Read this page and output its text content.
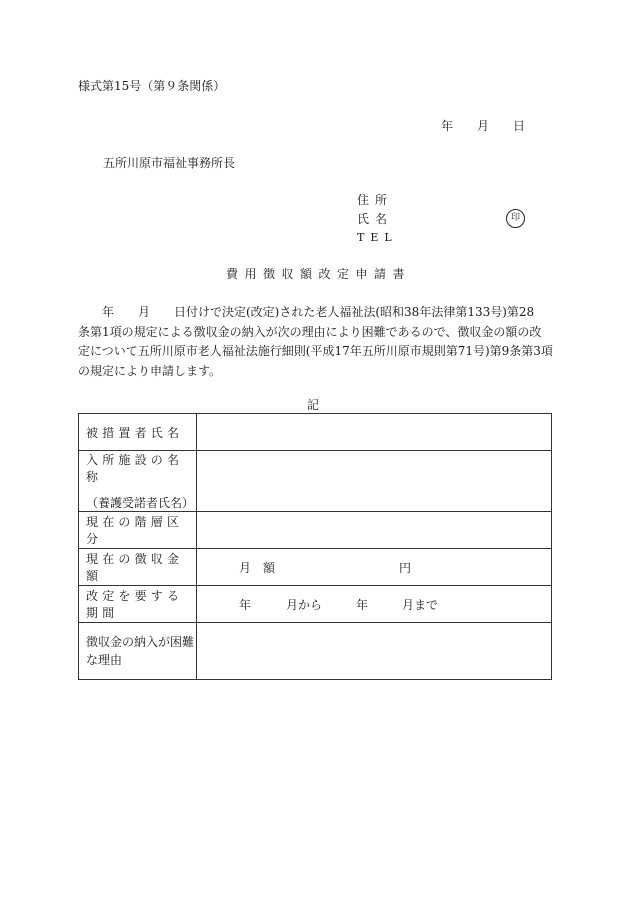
様式第15号（第９条関係）
年 月 日
五所川原市福祉事務所長
住所
氏名	印
TEL
費用徴収額改定申請書
　　年　　月　　日付けで決定(改定)された老人福祉法(昭和38年法律第133号)第28
条第1項の規定による徴収金の納入が次の理由により困難であるので、徴収金の額の改
定について五所川原市老人福祉法施行細則(平成17年五所川原市規則第71号)第9条第3項
の規定により申請します。
記
被措置者氏名	
入所施設の名称
（養護受諾者氏名）	

現在の階層区分	
現在の徴収金額	月　額 円
改定を要する期間	年 月から 年 月まで
徴収金の納入が困難な理由	
